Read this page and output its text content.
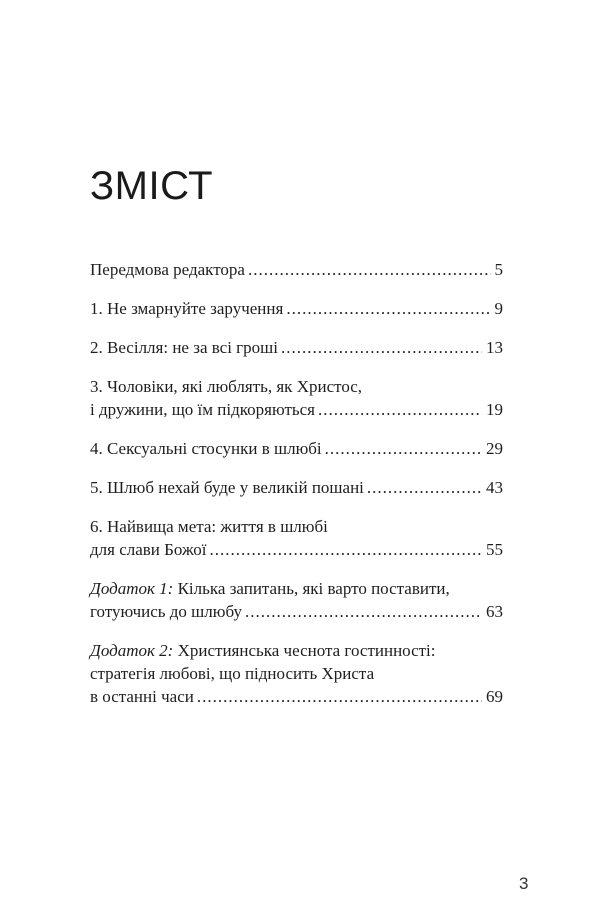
ЗМІСТ
Передмова редактора .....	5
1. Не змарнуйте заручення .....	9
2. Весілля: не за всі гроші .....	13
3. Чоловіки, які люблять, як Христос,
і дружини, що їм підкоряються .....	19
4. Сексуальні стосунки в шлюбі .....	29
5. Шлюб нехай буде у великій пошані .....	43
6. Найвища мета: життя в шлюбі
для слави Божої .....	55
Додаток 1: Кілька запитань, які варто поставити,
готуючись до шлюбу .....	63
Додаток 2: Християнська чеснота гостинності:
стратегія любові, що підносить Христа
в останні часи .....	69
3
